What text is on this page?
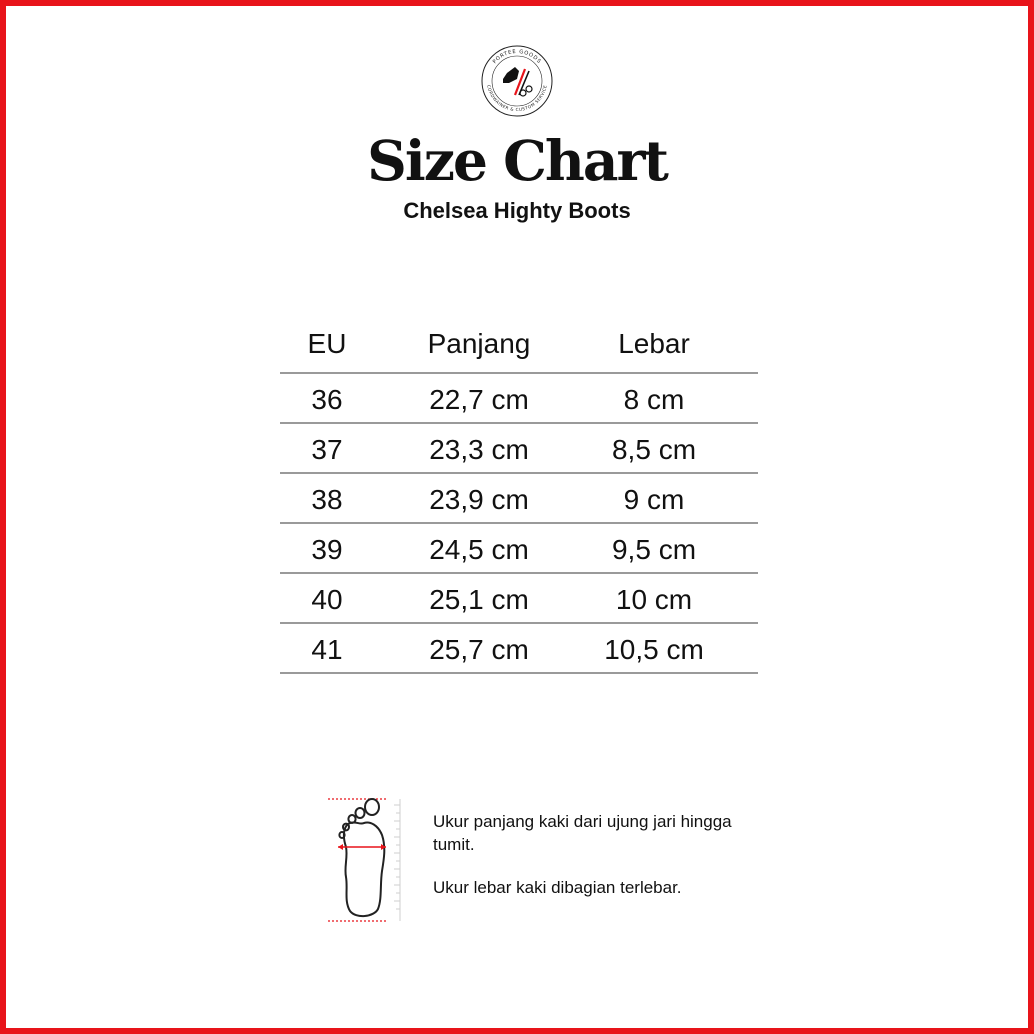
PORTEE GOODS
CORDWAINER & CUSTOM SERVICE
Size Chart
Chelsea Highty Boots
EU	Panjang	Lebar
36	22,7 cm	8 cm
37	23,3 cm	8,5 cm
38	23,9 cm	9 cm
39	24,5 cm	9,5 cm
40	25,1 cm	10 cm
41	25,7 cm	10,5 cm

Ukur panjang kaki dari ujung jari hingga tumit.

Ukur lebar kaki dibagian terlebar.
